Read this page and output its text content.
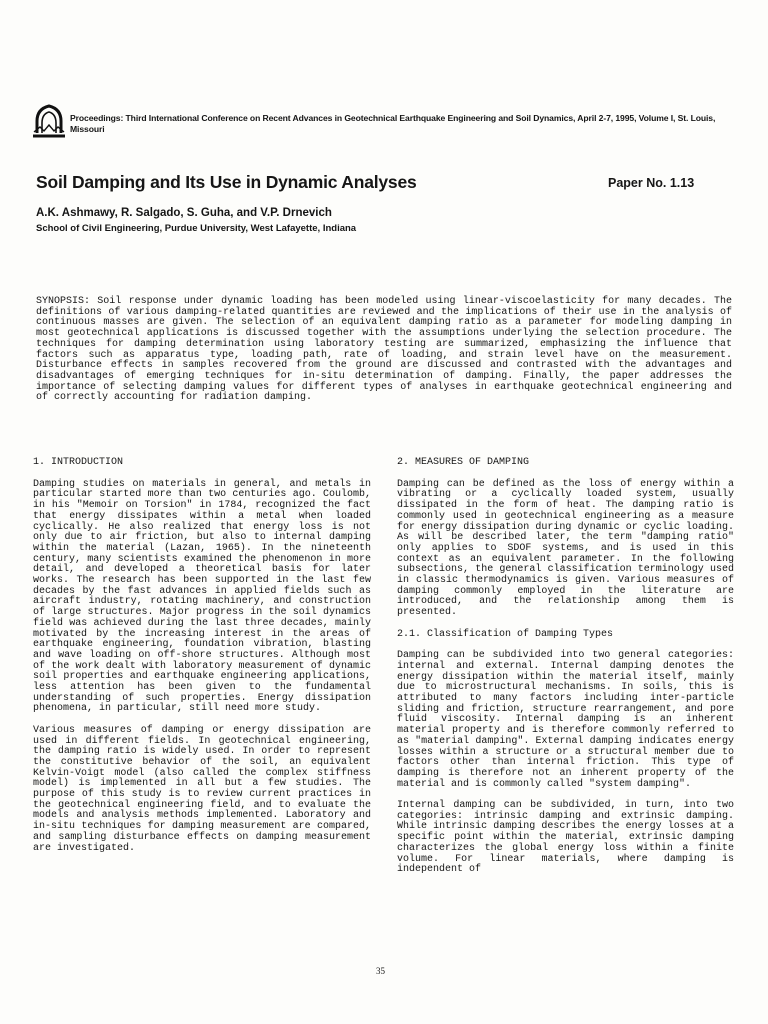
Proceedings: Third International Conference on Recent Advances in Geotechnical Earthquake Engineering and Soil Dynamics, April 2-7, 1995, Volume I, St. Louis, Missouri
Soil Damping and Its Use in Dynamic Analyses	Paper No. 1.13
A.K. Ashmawy, R. Salgado, S. Guha, and V.P. Drnevich
School of Civil Engineering, Purdue University, West Lafayette, Indiana

SYNOPSIS: Soil response under dynamic loading has been modeled using linear-viscoelasticity for many decades. The definitions of various damping-related quantities are reviewed and the implications of their use in the analysis of continuous masses are given. The selection of an equivalent damping ratio as a parameter for modeling damping in most geotechnical applications is discussed together with the assumptions underlying the selection procedure. The techniques for damping determination using laboratory testing are summarized, emphasizing the influence that factors such as apparatus type, loading path, rate of loading, and strain level have on the measurement. Disturbance effects in samples recovered from the ground are discussed and contrasted with the advantages and disadvantages of emerging techniques for in-situ determination of damping. Finally, the paper addresses the importance of selecting damping values for different types of analyses in earthquake geotechnical engineering and of correctly accounting for radiation damping.

1. INTRODUCTION

Damping studies on materials in general, and metals in particular started more than two centuries ago. Coulomb, in his "Memoir on Torsion" in 1784, recognized the fact that energy dissipates within a metal when loaded cyclically. He also realized that energy loss is not only due to air friction, but also to internal damping within the material (Lazan, 1965). In the nineteenth century, many scientists examined the phenomenon in more detail, and developed a theoretical basis for later works. The research has been supported in the last few decades by the fast advances in applied fields such as aircraft industry, rotating machinery, and construction of large structures. Major progress in the soil dynamics field was achieved during the last three decades, mainly motivated by the increasing interest in the areas of earthquake engineering, foundation vibration, blasting and wave loading on off-shore structures. Although most of the work dealt with laboratory measurement of dynamic soil properties and earthquake engineering applications, less attention has been given to the fundamental understanding of such properties. Energy dissipation phenomena, in particular, still need more study.

Various measures of damping or energy dissipation are used in different fields. In geotechnical engineering, the damping ratio is widely used. In order to represent the constitutive behavior of the soil, an equivalent Kelvin-Voigt model (also called the complex stiffness model) is implemented in all but a few studies. The purpose of this study is to review current practices in the geotechnical engineering field, and to evaluate the models and analysis methods implemented. Laboratory and in-situ techniques for damping measurement are compared, and sampling disturbance effects on damping measurement are investigated.

2. MEASURES OF DAMPING

Damping can be defined as the loss of energy within a vibrating or a cyclically loaded system, usually dissipated in the form of heat. The damping ratio is commonly used in geotechnical engineering as a measure for energy dissipation during dynamic or cyclic loading. As will be described later, the term "damping ratio" only applies to SDOF systems, and is used in this context as an equivalent parameter. In the following subsections, the general classification terminology used in classic thermodynamics is given. Various measures of damping commonly employed in the literature are introduced, and the relationship among them is presented.

2.1. Classification of Damping Types

Damping can be subdivided into two general categories: internal and external. Internal damping denotes the energy dissipation within the material itself, mainly due to microstructural mechanisms. In soils, this is attributed to many factors including inter-particle sliding and friction, structure rearrangement, and pore fluid viscosity. Internal damping is an inherent material property and is therefore commonly referred to as "material damping". External damping indicates energy losses within a structure or a structural member due to factors other than internal friction. This type of damping is therefore not an inherent property of the material and is commonly called "system damping".

Internal damping can be subdivided, in turn, into two categories: intrinsic damping and extrinsic damping. While intrinsic damping describes the energy losses at a specific point within the material, extrinsic damping characterizes the global energy loss within a finite volume. For linear materials, where damping is independent of

35
